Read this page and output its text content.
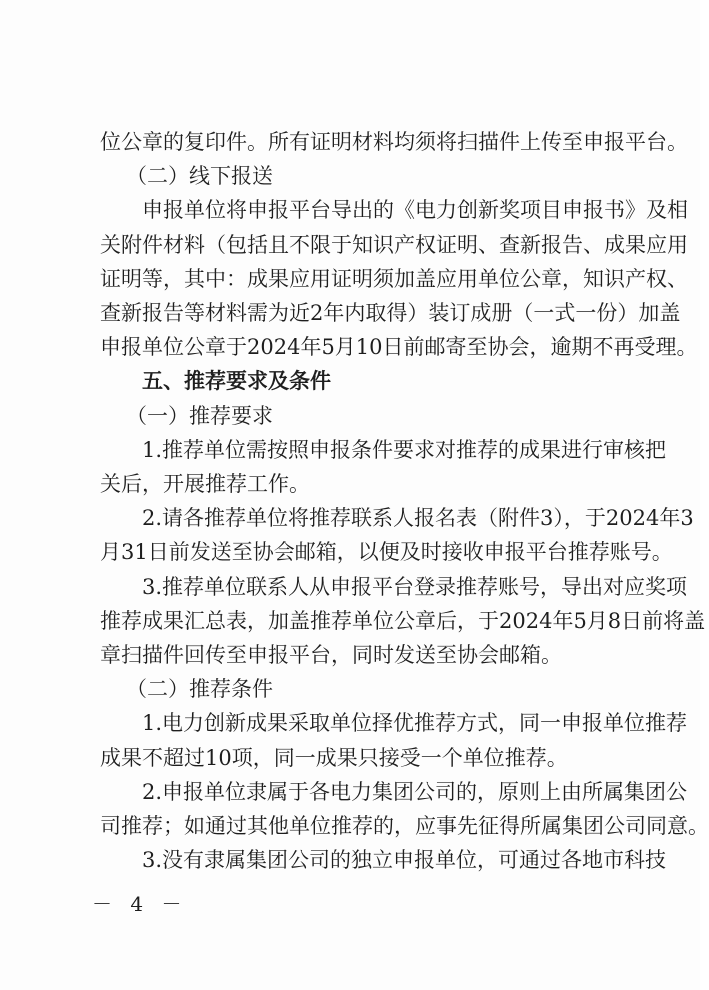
位公章的复印件。所有证明材料均须将扫描件上传至申报平台。
（二）线下报送
申报单位将申报平台导出的《电力创新奖项目申报书》及相
关附件材料（包括且不限于知识产权证明、查新报告、成果应用
证明等，其中：成果应用证明须加盖应用单位公章，知识产权、
查新报告等材料需为近2年内取得）装订成册（一式一份）加盖
申报单位公章于2024年5月10日前邮寄至协会，逾期不再受理。
五、推荐要求及条件
（一）推荐要求
1.推荐单位需按照申报条件要求对推荐的成果进行审核把
关后，开展推荐工作。
2.请各推荐单位将推荐联系人报名表（附件3），于2024年3
月31日前发送至协会邮箱，以便及时接收申报平台推荐账号。
3.推荐单位联系人从申报平台登录推荐账号，导出对应奖项
推荐成果汇总表，加盖推荐单位公章后，于2024年5月8日前将盖
章扫描件回传至申报平台，同时发送至协会邮箱。
（二）推荐条件
1.电力创新成果采取单位择优推荐方式，同一申报单位推荐
成果不超过10项，同一成果只接受一个单位推荐。
2.申报单位隶属于各电力集团公司的，原则上由所属集团公
司推荐；如通过其他单位推荐的，应事先征得所属集团公司同意。
3.没有隶属集团公司的独立申报单位，可通过各地市科技
－ 4 －
